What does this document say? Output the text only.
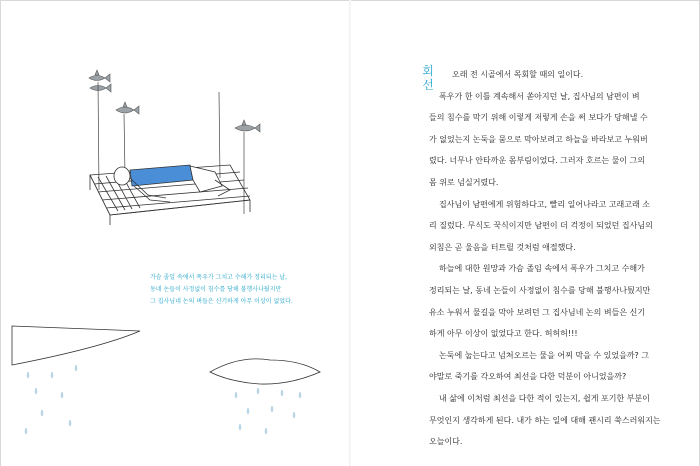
가슴 졸일 속에서 폭우가 그치고 수해가 정리되는 날,
동네 논들이 사정없이 침수를 당해 불행사나뒀지만
그 집사님네 논의 벼들은 신기하게 아무 이상이 없었다.
회
선
오래 전 시골에서 목회할 때의 일이다.
폭우가 한 이틀 계속해서 쏟아지던 날, 집사님의 남편이 벼
들의 침수를 막기 위해 이렇게 저렇게 손을 써 보다가 당해낼 수
가 없었는지 논둑을 뭄으로 막아보려고 하늘을 바라보고 누워버
렸다. 너무나 안타까운 몸부림이었다. 그러자 호르는 물이 그의
몸 위로 넘실거렸다.
집사님이 남편에게 위험하다고, 빨리 일어나라고 고래고래 소
리 질렀다. 무식도 꾹식이지만 남편이 더 걱정이 되었던 집사님의
외침은 곧 울음을 터트릴 것처럼 애절했다.
하늘에 대한 원망과 가슴 졸임 속에서 폭우가 그치고 수해가
정리되는 날, 동네 논들이 사정없이 침수를 당해 불행사나뒀지만
유소 누워서 물길을 막아 보려던 그 집사님네 논의 벼들은 신기
하게 아무 이상이 없었다고 한다. 허허허!!!
논둑에 눕는다고 넘쳐오르는 물을 어찌 막을 수 있었을까? 그
야말로 죽기를 각오하여 최선을 다한 덕분이 아니었을까?
내 삶에 이처럼 최선을 다한 적이 있는지, 쉽게 포기한 부분이
무엇인지 생각하게 된다. 내가 하는 일에 대해 괜시리 쑥스러워지는
오늘이다.
